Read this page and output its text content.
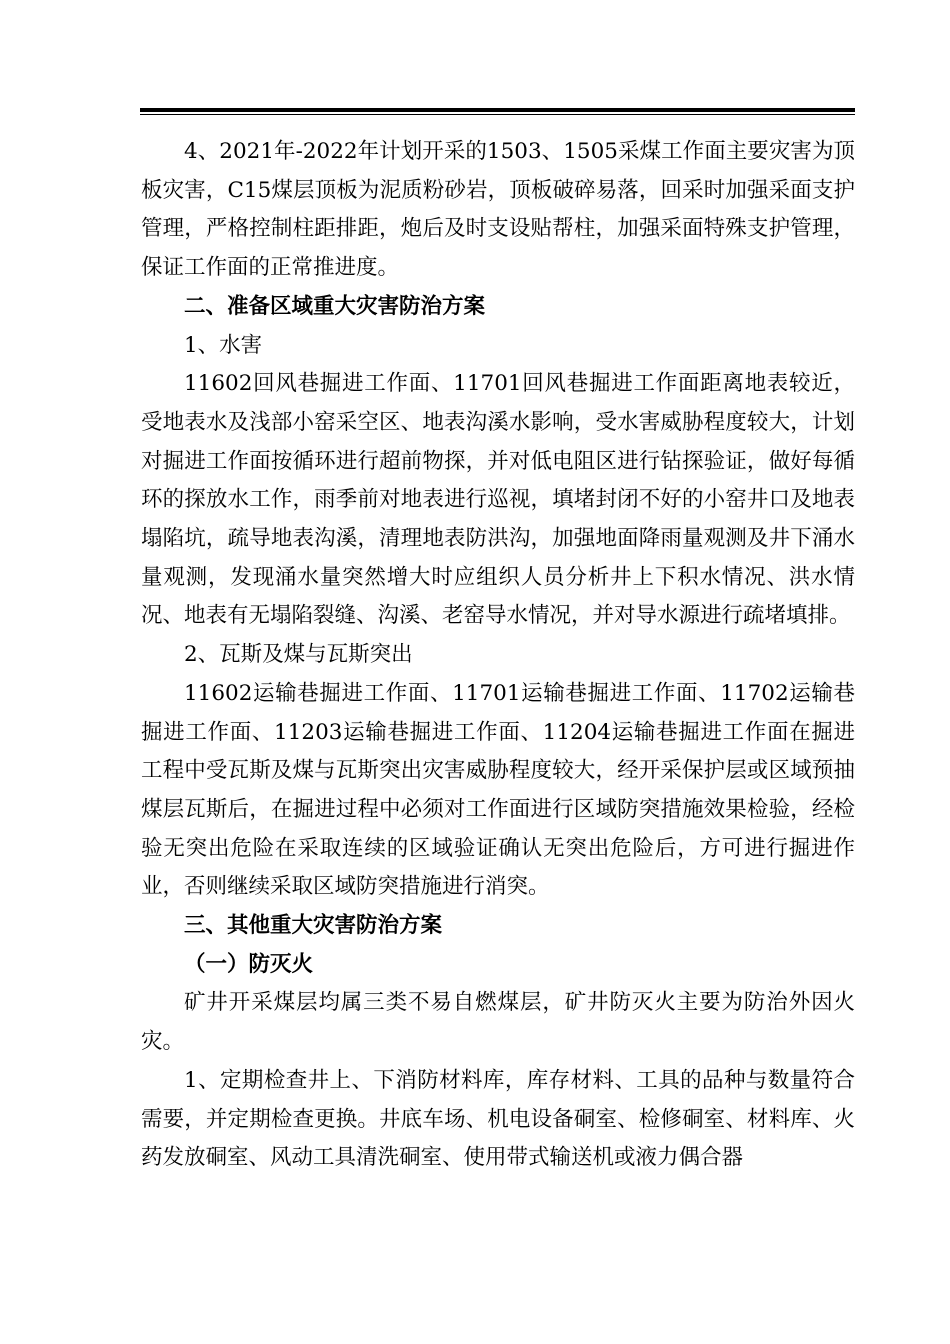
4、2021年-2022年计划开采的1503、1505采煤工作面主要灾害为顶板灾害，C15煤层顶板为泥质粉砂岩，顶板破碎易落，回采时加强采面支护管理，严格控制柱距排距，炮后及时支设贴帮柱，加强采面特殊支护管理，保证工作面的正常推进度。

二、准备区域重大灾害防治方案

1、水害

11602回风巷掘进工作面、11701回风巷掘进工作面距离地表较近，受地表水及浅部小窑采空区、地表沟溪水影响，受水害威胁程度较大，计划对掘进工作面按循环进行超前物探，并对低电阻区进行钻探验证，做好每循环的探放水工作，雨季前对地表进行巡视，填堵封闭不好的小窑井口及地表塌陷坑，疏导地表沟溪，清理地表防洪沟，加强地面降雨量观测及井下涌水量观测，发现涌水量突然增大时应组织人员分析井上下积水情况、洪水情况、地表有无塌陷裂缝、沟溪、老窑导水情况，并对导水源进行疏堵填排。

2、瓦斯及煤与瓦斯突出

11602运输巷掘进工作面、11701运输巷掘进工作面、11702运输巷掘进工作面、11203运输巷掘进工作面、11204运输巷掘进工作面在掘进工程中受瓦斯及煤与瓦斯突出灾害威胁程度较大，经开采保护层或区域预抽煤层瓦斯后，在掘进过程中必须对工作面进行区域防突措施效果检验，经检验无突出危险在采取连续的区域验证确认无突出危险后，方可进行掘进作业，否则继续采取区域防突措施进行消突。

三、其他重大灾害防治方案

（一）防灭火

矿井开采煤层均属三类不易自燃煤层，矿井防灭火主要为防治外因火灾。

1、定期检查井上、下消防材料库，库存材料、工具的品种与数量符合需要，并定期检查更换。井底车场、机电设备硐室、检修硐室、材料库、火药发放硐室、风动工具清洗硐室、使用带式输送机或液力偶合器
